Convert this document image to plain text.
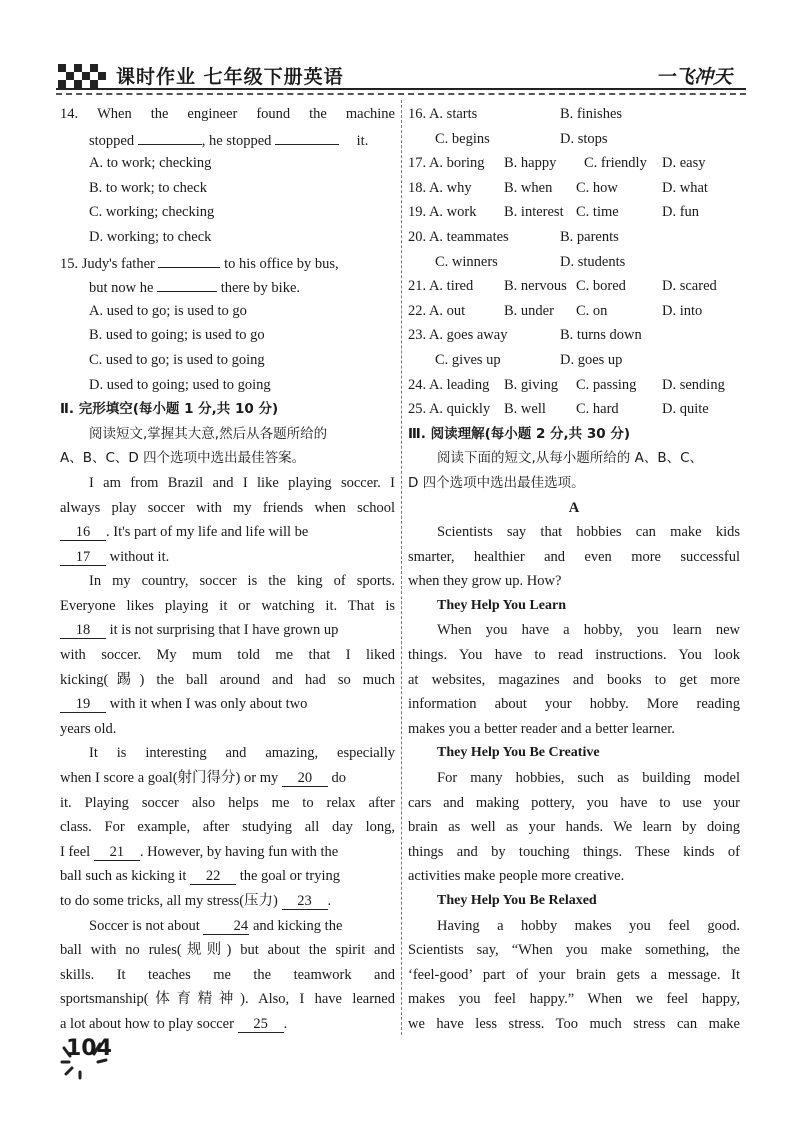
课时作业 七年级下册英语	一飞冲天
14. When the engineer found the machine
stopped	, he stopped	it.
A. to work; checking
B. to work; to check
C. working; checking
D. working; to check
15. Judy's father	to his office by bus,
but now he	there by bike.
A. used to go; is used to go
B. used to going; is used to go
C. used to go; is used to going
D. used to going; used to going
Ⅱ. 完形填空(每小题 1 分,共 10 分)
阅读短文,掌握其大意,然后从各题所给的
A、B、C、D 四个选项中选出最佳答案。
I am from Brazil and I like playing soccer. I
always play soccer with my friends when school
16 . It's part of my life and life will be
17 without it.
In my country, soccer is the king of sports.
Everyone likes playing it or watching it. That is
18 it is not surprising that I have grown up
with soccer. My mum told me that I liked
kicking(踢) the ball around and had so much
19 with it when I was only about two
years old.
It is interesting and amazing, especially
when I score a goal(射门得分) or my 20 do
it. Playing soccer also helps me to relax after
class. For example, after studying all day long,
I feel 21 . However, by having fun with the
ball such as kicking it 22 the goal or trying
to do some tricks, all my stress(压力) 23 .
Soccer is not about 24 and kicking the
ball with no rules(规则) but about the spirit and
skills. It teaches me the teamwork and
sportsmanship(体育精神). Also, I have learned
a lot about how to play soccer 25 .
16. A. starts	B. finishes
C. begins	D. stops
17. A. boring	B. happy	C. friendly	D. easy
18. A. why	B. when	C. how	D. what
19. A. work	B. interest C. time	D. fun
20. A. teammates	B. parents
C. winners	D. students
21. A. tired	B. nervous C. bored	D. scared
22. A. out	B. under	C. on	D. into
23. A. goes away	B. turns down
C. gives up	D. goes up
24. A. leading	B. giving	C. passing	D. sending
25. A. quickly B. well	C. hard	D. quite
Ⅲ. 阅读理解(每小题 2 分,共 30 分)
阅读下面的短文,从每小题所给的 A、B、C、
D 四个选项中选出最佳选项。
A
Scientists say that hobbies can make kids
smarter, healthier and even more successful
when they grow up. How?
They Help You Learn
When you have a hobby, you learn new
things. You have to read instructions. You look
at websites, magazines and books to get more
information about your hobby. More reading
makes you a better reader and a better learner.
They Help You Be Creative
For many hobbies, such as building model
cars and making pottery, you have to use your
brain as well as your hands. We learn by doing
things and by touching things. These kinds of
activities make people more creative.
They Help You Be Relaxed
Having a hobby makes you feel good.
Scientists say, “When you make something, the
‘feel-good’ part of your brain gets a message. It
makes you feel happy.” When we feel happy,
we have less stress. Too much stress can make
104
